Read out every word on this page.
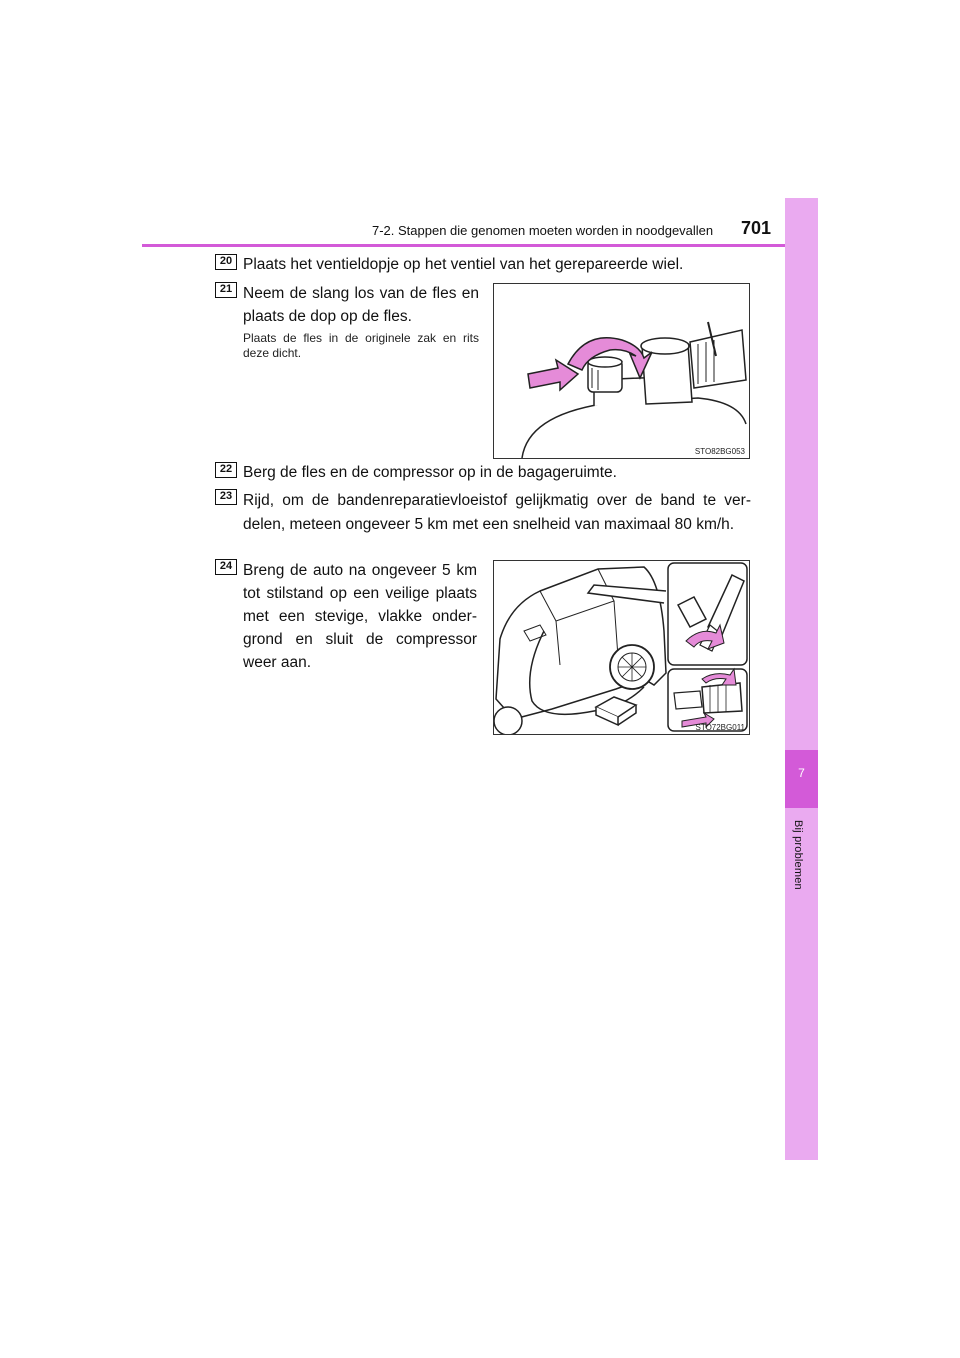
7-2. Stappen die genomen moeten worden in noodgevallen 701
7
Bij problemen
20 Plaats het ventieldopje op het ventiel van het gerepareerde wiel.
21 Neem de slang los van de fles en plaats de dop op de fles.
Plaats de fles in de originele zak en rits deze dicht.
STO82BG053
22 Berg de fles en de compressor op in de bagageruimte.
23 Rijd, om de bandenreparatievloeistof gelijkmatig over de band te ver-delen, meteen ongeveer 5 km met een snelheid van maximaal 80 km/h.
24 Breng de auto na ongeveer 5 km tot stilstand op een veilige plaats met een stevige, vlakke onder-grond en sluit de compressor weer aan.
STO72BG011
